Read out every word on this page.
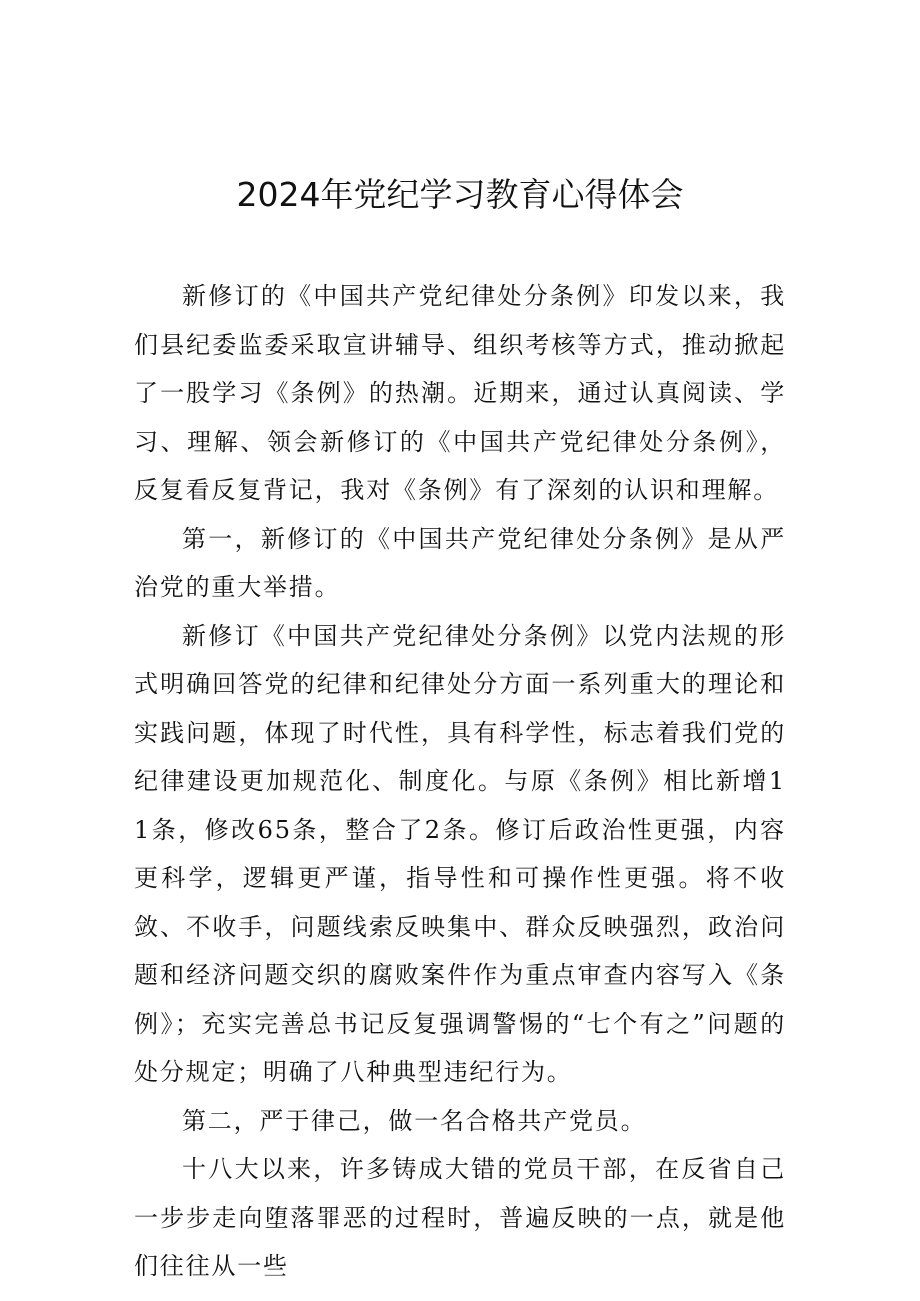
2024年党纪学习教育心得体会

新修订的《中国共产党纪律处分条例》印发以来，我们县纪委监委采取宣讲辅导、组织考核等方式，推动掀起了一股学习《条例》的热潮。近期来，通过认真阅读、学习、理解、领会新修订的《中国共产党纪律处分条例》，反复看反复背记，我对《条例》有了深刻的认识和理解。

第一，新修订的《中国共产党纪律处分条例》是从严治党的重大举措。

新修订《中国共产党纪律处分条例》以党内法规的形式明确回答党的纪律和纪律处分方面一系列重大的理论和实践问题，体现了时代性，具有科学性，标志着我们党的纪律建设更加规范化、制度化。与原《条例》相比新增11条，修改65条，整合了2条。修订后政治性更强，内容更科学，逻辑更严谨，指导性和可操作性更强。将不收敛、不收手，问题线索反映集中、群众反映强烈，政治问题和经济问题交织的腐败案件作为重点审查内容写入《条例》；充实完善总书记反复强调警惕的“七个有之”问题的处分规定；明确了八种典型违纪行为。

第二，严于律己，做一名合格共产党员。

十八大以来，许多铸成大错的党员干部，在反省自己一步步走向堕落罪恶的过程时，普遍反映的一点，就是他们往往从一些
